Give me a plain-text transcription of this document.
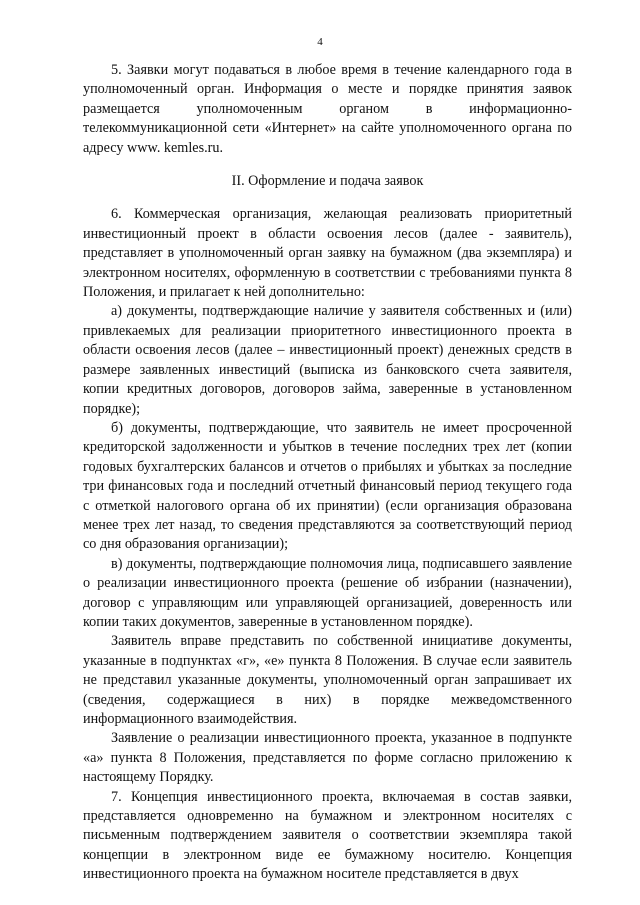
4

5. Заявки могут подаваться в любое время в течение календарного года в уполномоченный орган. Информация о месте и порядке принятия заявок размещается уполномоченным органом в информационно-телекоммуникационной сети «Интернет» на сайте уполномоченного органа по адресу www. kemles.ru.

II. Оформление и подача заявок

6. Коммерческая организация, желающая реализовать приоритетный инвестиционный проект в области освоения лесов (далее - заявитель), представляет в уполномоченный орган заявку на бумажном (два экземпляра) и электронном носителях, оформленную в соответствии с требованиями пункта 8 Положения, и прилагает к ней дополнительно:

а) документы, подтверждающие наличие у заявителя собственных и (или) привлекаемых для реализации приоритетного инвестиционного проекта в области освоения лесов (далее – инвестиционный проект) денежных средств в размере заявленных инвестиций (выписка из банковского счета заявителя, копии кредитных договоров, договоров займа, заверенные в установленном порядке);

б) документы, подтверждающие, что заявитель не имеет просроченной кредиторской задолженности и убытков в течение последних трех лет (копии годовых бухгалтерских балансов и отчетов о прибылях и убытках за последние три финансовых года и последний отчетный финансовый период текущего года с отметкой налогового органа об их принятии) (если организация образована менее трех лет назад, то сведения представляются за соответствующий период со дня образования организации);

в) документы, подтверждающие полномочия лица, подписавшего заявление о реализации инвестиционного проекта (решение об избрании (назначении), договор с управляющим или управляющей организацией, доверенность или копии таких документов, заверенные в установленном порядке).

Заявитель вправе представить по собственной инициативе документы, указанные в подпунктах «г», «е» пункта 8 Положения. В случае если заявитель не представил указанные документы, уполномоченный орган запрашивает их (сведения, содержащиеся в них) в порядке межведомственного информационного взаимодействия.

Заявление о реализации инвестиционного проекта, указанное в подпункте «а» пункта 8 Положения, представляется по форме согласно приложению к настоящему Порядку.

7. Концепция инвестиционного проекта, включаемая в состав заявки, представляется одновременно на бумажном и электронном носителях с письменным подтверждением заявителя о соответствии экземпляра такой концепции в электронном виде ее бумажному носителю. Концепция инвестиционного проекта на бумажном носителе представляется в двух
